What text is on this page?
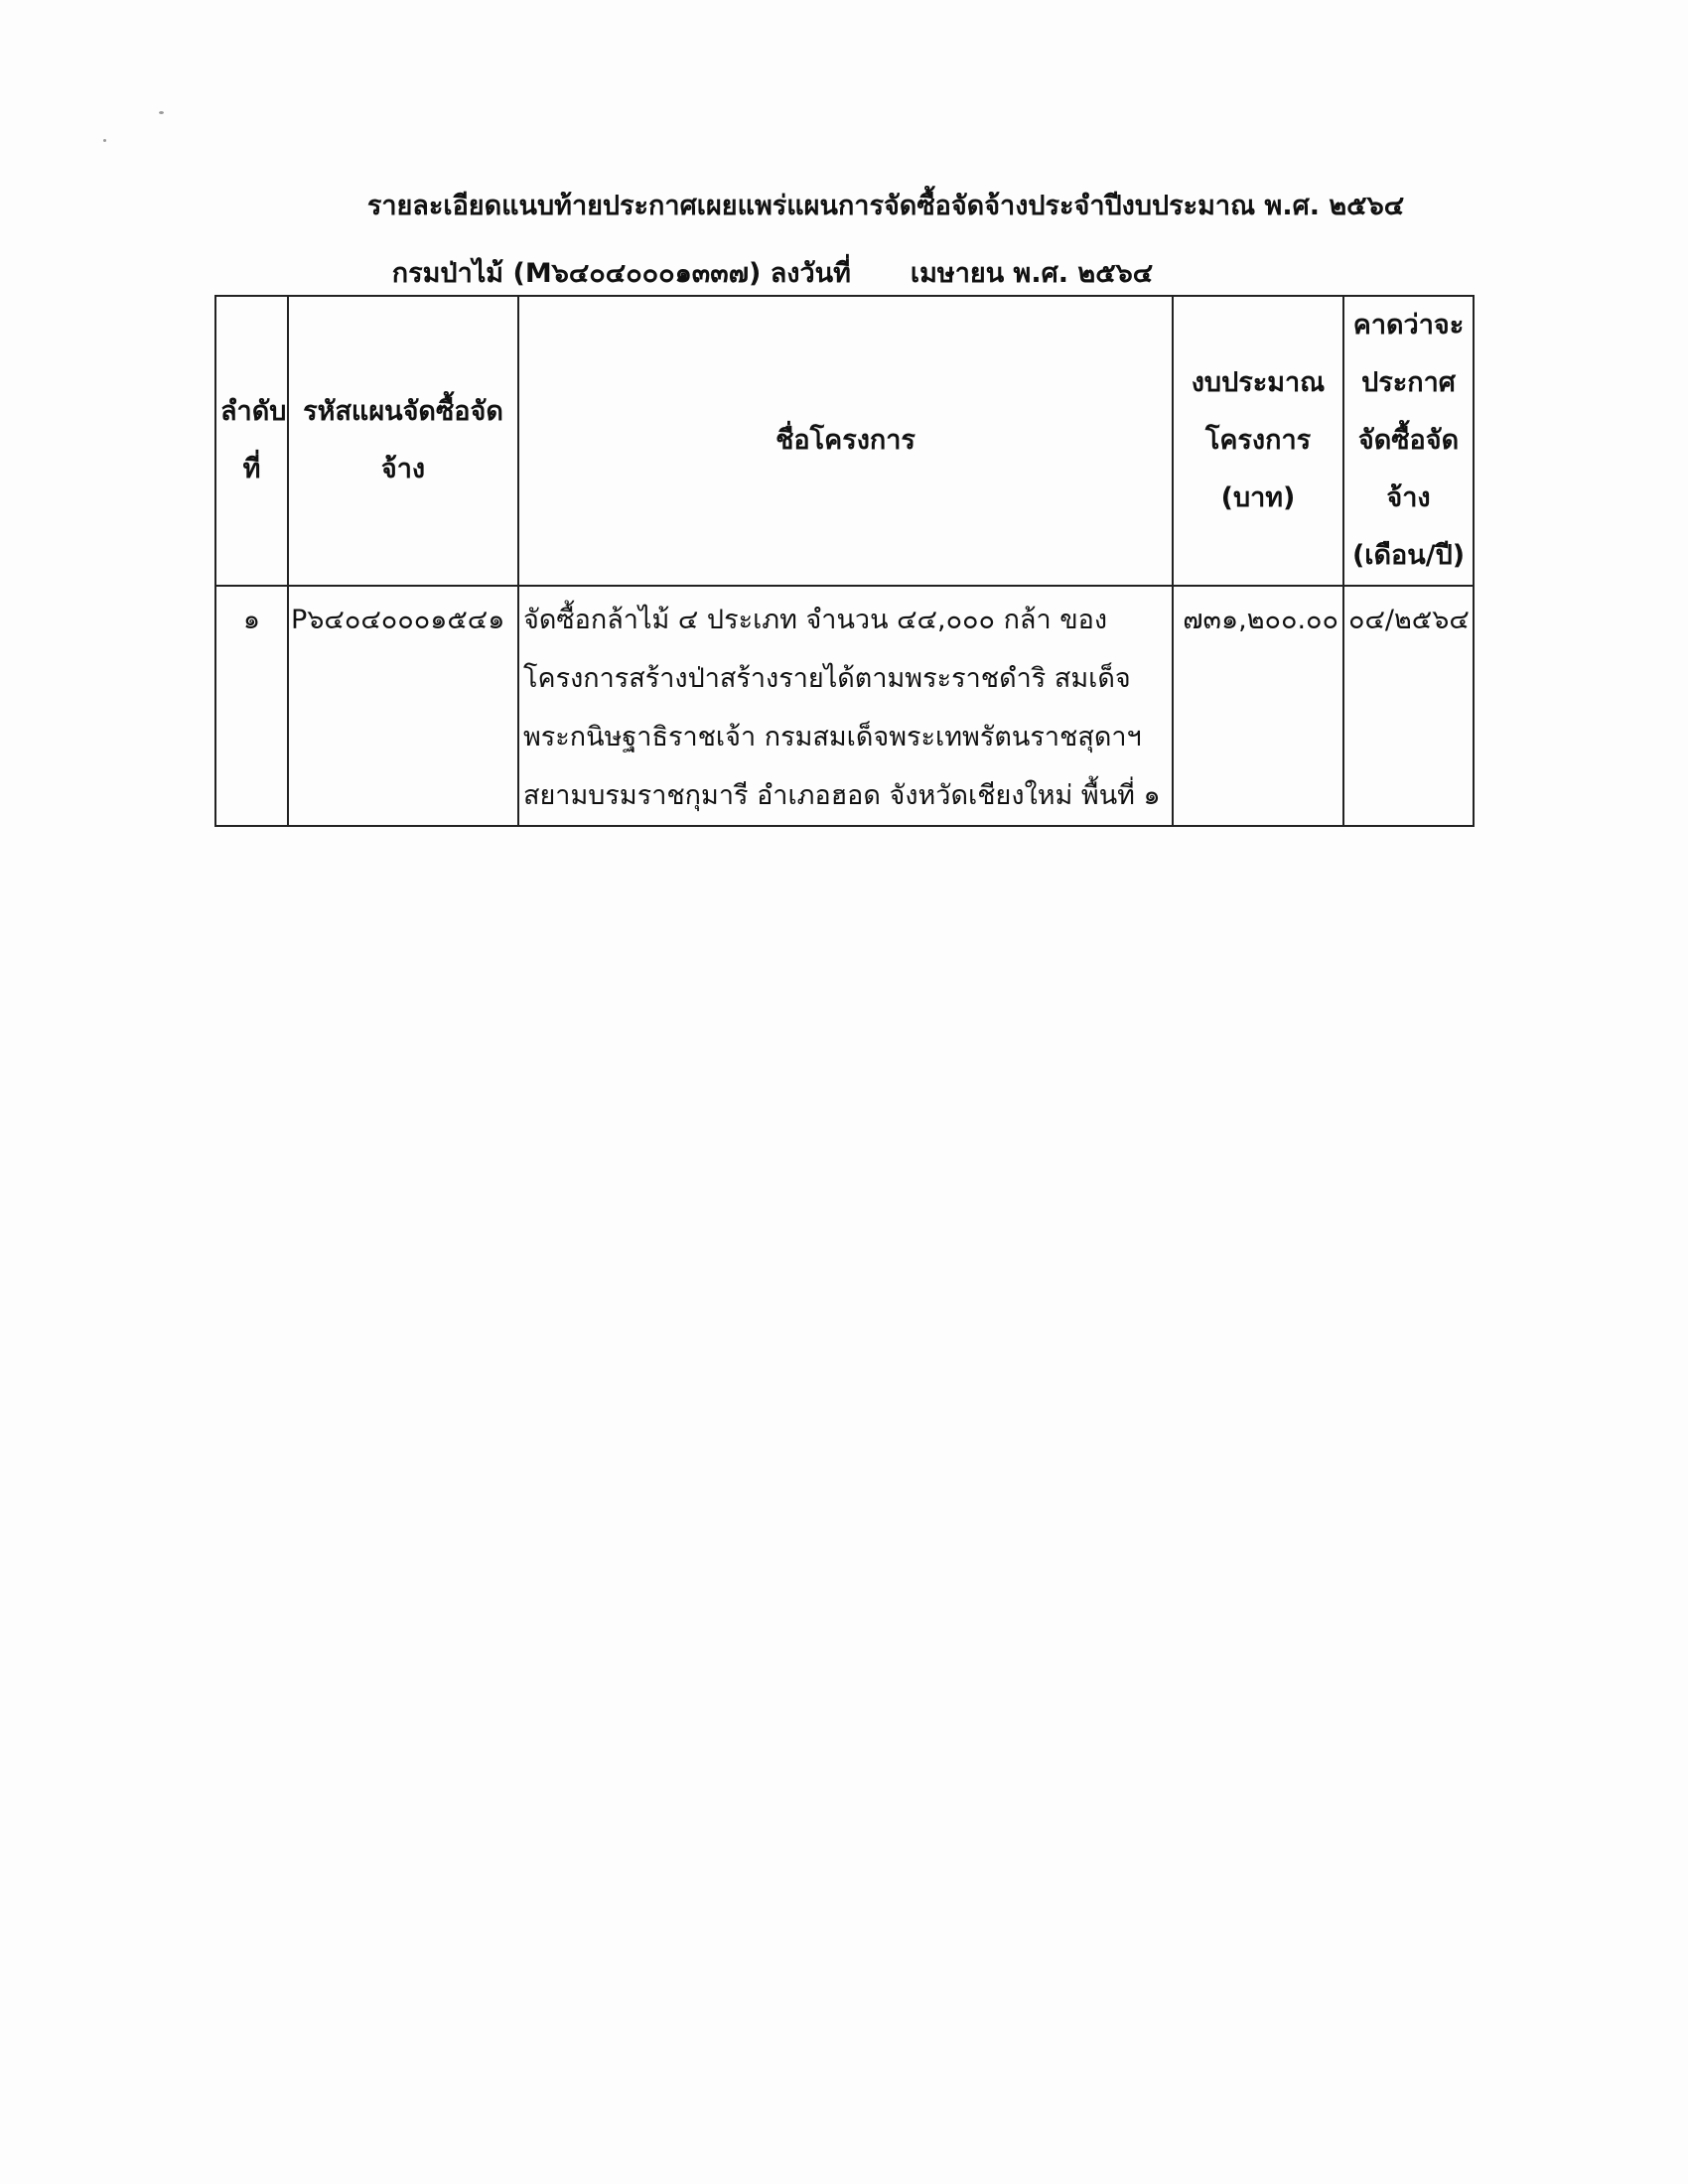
รายละเอียดแนบท้ายประกาศเผยแพร่แผนการจัดซื้อจัดจ้างประจำปีงบประมาณ พ.ศ. ๒๕๖๔
กรมป่าไม้ (M๖๔๐๔๐๐๐๑๓๓๗) ลงวันที่ เมษายน พ.ศ. ๒๕๖๔
ลำดับที่	รหัสแผนจัดซื้อจัดจ้าง	ชื่อโครงการ	งบประมาณโครงการ (บาท)	คาดว่าจะประกาศจัดซื้อจัดจ้าง (เดือน/ปี)
๑	P๖๔๐๔๐๐๐๑๕๔๑	จัดซื้อกล้าไม้ ๔ ประเภท จำนวน ๔๔,๐๐๐ กล้า ของโครงการสร้างป่าสร้างรายได้ตามพระราชดำริ สมเด็จพระกนิษฐาธิราชเจ้า กรมสมเด็จพระเทพรัตนราชสุดาฯ สยามบรมราชกุมารี อำเภอฮอด จังหวัดเชียงใหม่ พื้นที่ ๑	๗๓๑,๒๐๐.๐๐	๐๔/๒๕๖๔
